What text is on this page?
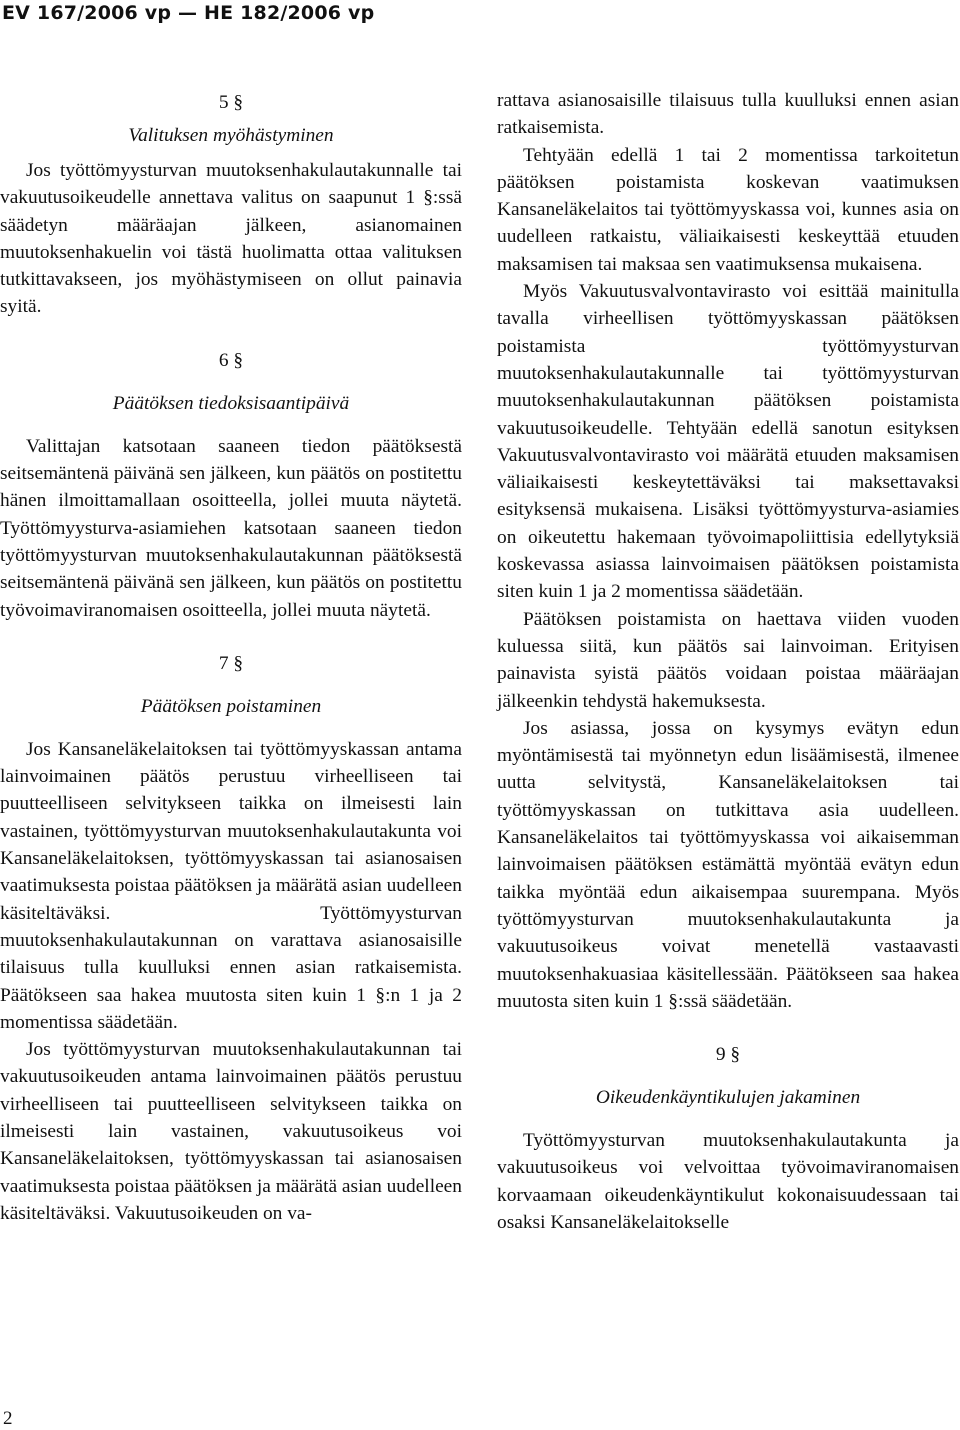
EV 167/2006 vp — HE 182/2006 vp
5 §
Valituksen myöhästyminen

Jos työttömyysturvan muutoksenhakulautakunnalle tai vakuutusoikeudelle annettava valitus on saapunut 1 §:ssä säädetyn määräajan jälkeen, asianomainen muutoksenhakuelin voi tästä huolimatta ottaa valituksen tutkittavakseen, jos myöhästymiseen on ollut painavia syitä.

6 §
Päätöksen tiedoksisaantipäivä

Valittajan katsotaan saaneen tiedon päätöksestä seitsemäntenä päivänä sen jälkeen, kun päätös on postitettu hänen ilmoittamallaan osoitteella, jollei muuta näytetä. Työttömyysturva-asiamiehen katsotaan saaneen tiedon työttömyysturvan muutoksenhakulautakunnan päätöksestä seitsemäntenä päivänä sen jälkeen, kun päätös on postitettu työvoimaviranomaisen osoitteella, jollei muuta näytetä.

7 §
Päätöksen poistaminen

Jos Kansaneläkelaitoksen tai työttömyyskassan antama lainvoimainen päätös perustuu virheelliseen tai puutteelliseen selvitykseen taikka on ilmeisesti lain vastainen, työttömyysturvan muutoksenhakulautakunta voi Kansaneläkelaitoksen, työttömyyskassan tai asianosaisen vaatimuksesta poistaa päätöksen ja määrätä asian uudelleen käsiteltäväksi. Työttömyysturvan muutoksenhakulautakunnan on varattava asianosaisille tilaisuus tulla kuulluksi ennen asian ratkaisemista. Päätökseen saa hakea muutosta siten kuin 1 §:n 1 ja 2 momentissa säädetään.

Jos työttömyysturvan muutoksenhakulautakunnan tai vakuutusoikeuden antama lainvoimainen päätös perustuu virheelliseen tai puutteelliseen selvitykseen taikka on ilmeisesti lain vastainen, vakuutusoikeus voi Kansaneläkelaitoksen, työttömyyskassan tai asianosaisen vaatimuksesta poistaa päätöksen ja määrätä asian uudelleen käsiteltäväksi. Vakuutusoikeuden on va-

rattava asianosaisille tilaisuus tulla kuulluksi ennen asian ratkaisemista.

Tehtyään edellä 1 tai 2 momentissa tarkoitetun päätöksen poistamista koskevan vaatimuksen Kansaneläkelaitos tai työttömyyskassa voi, kunnes asia on uudelleen ratkaistu, väliaikaisesti keskeyttää etuuden maksamisen tai maksaa sen vaatimuksensa mukaisena.

Myös Vakuutusvalvontavirasto voi esittää mainitulla tavalla virheellisen työttömyyskassan päätöksen poistamista työttömyysturvan muutoksenhakulautakunnalle tai työttömyysturvan muutoksenhakulautakunnan päätöksen poistamista vakuutusoikeudelle. Tehtyään edellä sanotun esityksen Vakuutusvalvontavirasto voi määrätä etuuden maksamisen väliaikaisesti keskeytettäväksi tai maksettavaksi esityksensä mukaisena. Lisäksi työttömyysturva-asiamies on oikeutettu hakemaan työvoimapoliittisia edellytyksiä koskevassa asiassa lainvoimaisen päätöksen poistamista siten kuin 1 ja 2 momentissa säädetään.

Päätöksen poistamista on haettava viiden vuoden kuluessa siitä, kun päätös sai lainvoiman. Erityisen painavista syistä päätös voidaan poistaa määräajan jälkeenkin tehdystä hakemuksesta.

Jos asiassa, jossa on kysymys evätyn edun myöntämisestä tai myönnetyn edun lisäämisestä, ilmenee uutta selvitystä, Kansaneläkelaitoksen tai työttömyyskassan on tutkittava asia uudelleen. Kansaneläkelaitos tai työttömyyskassa voi aikaisemman lainvoimaisen päätöksen estämättä myöntää evätyn edun taikka myöntää edun aikaisempaa suurempana. Myös työttömyysturvan muutoksenhakulautakunta ja vakuutusoikeus voivat menetellä vastaavasti muutoksenhakuasiaa käsitellessään. Päätökseen saa hakea muutosta siten kuin 1 §:ssä säädetään.

9 §
Oikeudenkäyntikulujen jakaminen

Työttömyysturvan muutoksenhakulautakunta ja vakuutusoikeus voi velvoittaa työvoimaviranomaisen korvaamaan oikeudenkäyntikulut kokonaisuudessaan tai osaksi Kansaneläkelaitokselle

2
